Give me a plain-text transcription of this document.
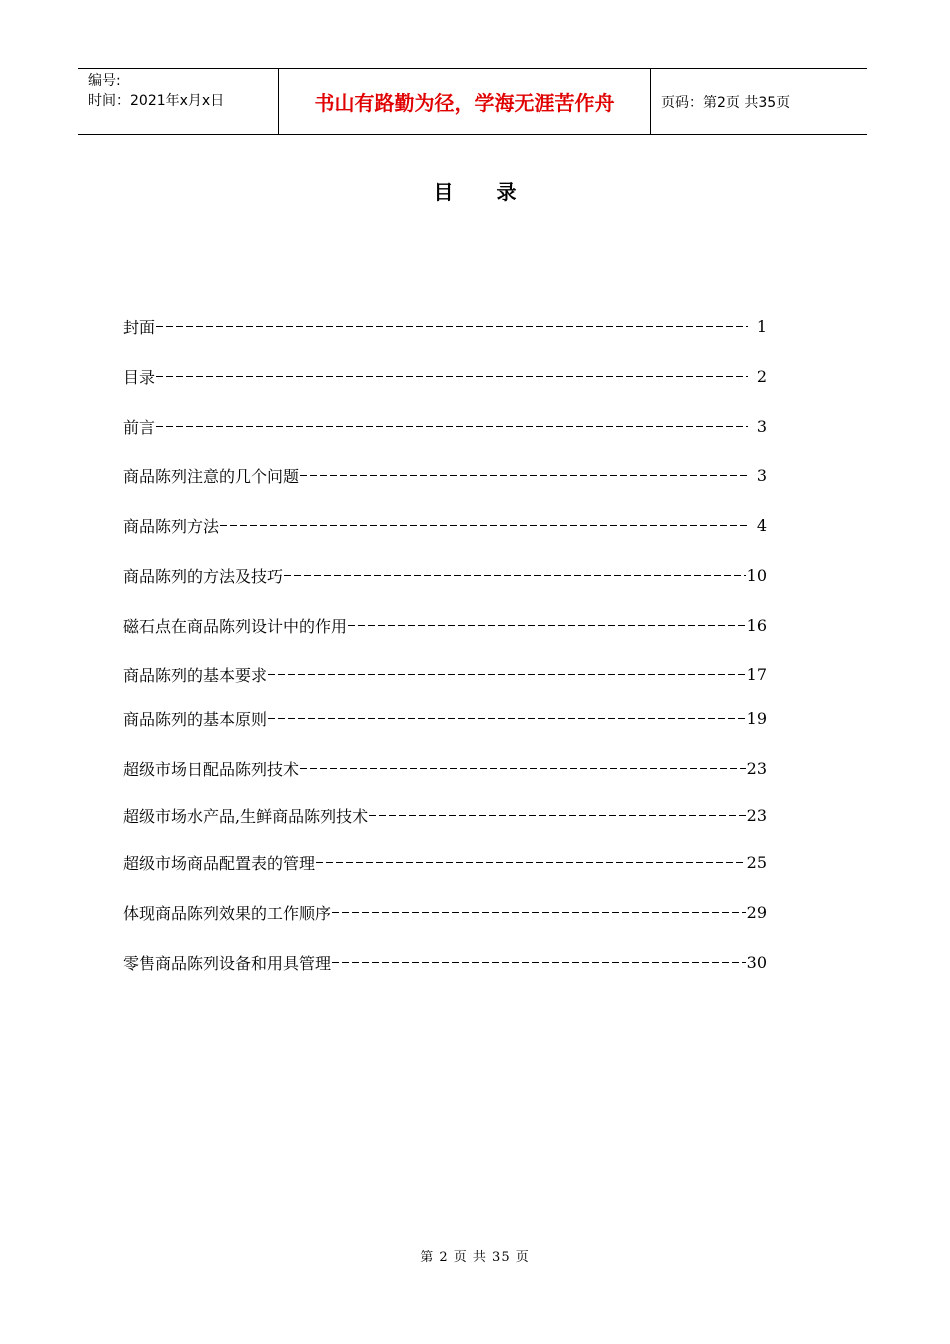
编号:
时间：2021年x月x日	书山有路勤为径，学海无涯苦作舟	页码：第2页 共35页
目 录
封面	1
目录	2
前言	3
商品陈列注意的几个问题	3
商品陈列方法	4
商品陈列的方法及技巧	10
磁石点在商品陈列设计中的作用	16
商品陈列的基本要求	17
商品陈列的基本原则	19
超级市场日配品陈列技术	23
超级市场水产品,生鲜商品陈列技术	23
超级市场商品配置表的管理	25
体现商品陈列效果的工作顺序	29
零售商品陈列设备和用具管理	30
第 2 页 共 35 页
